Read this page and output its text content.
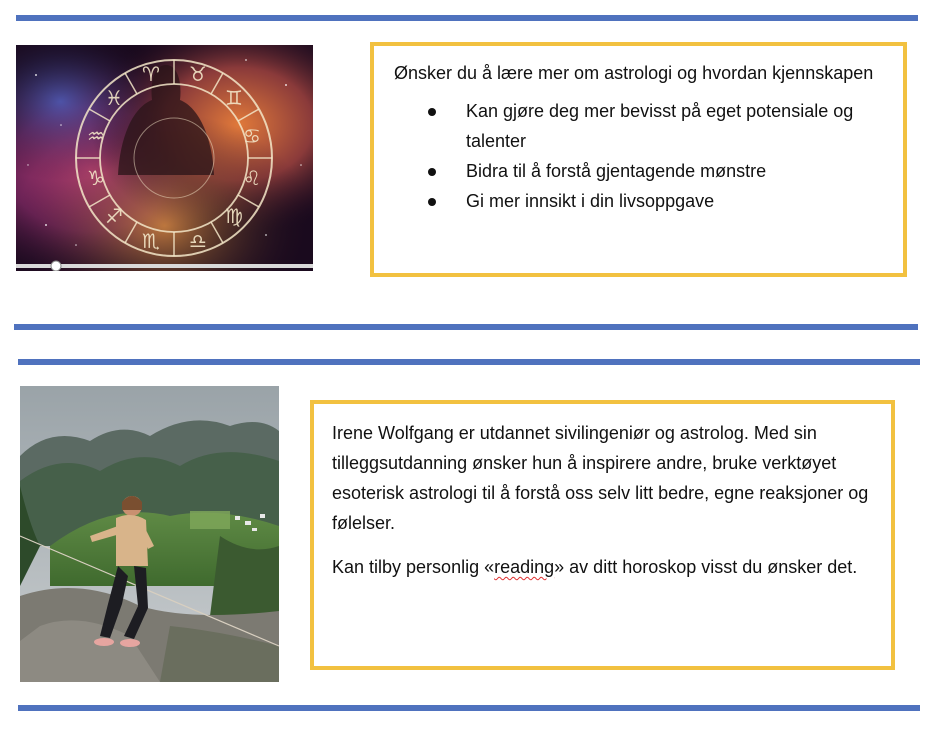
♈ ♉
♊
♋
♌
♍
♎
♏
♐
♑
♒
♓

Ønsker du å lære mer om astrologi og hvordan kjennskapen

Kan gjøre deg mer bevisst på eget potensiale og talenter
Bidra til å forstå gjentagende mønstre
Gi mer innsikt i din livsoppgave

Irene Wolfgang er utdannet sivilingeniør og astrolog. Med sin tilleggsutdanning ønsker hun å inspirere andre, bruke verktøyet esoterisk astrologi til å forstå oss selv litt bedre, egne reaksjoner og følelser.

Kan tilby personlig «reading» av ditt horoskop visst du ønsker det.
